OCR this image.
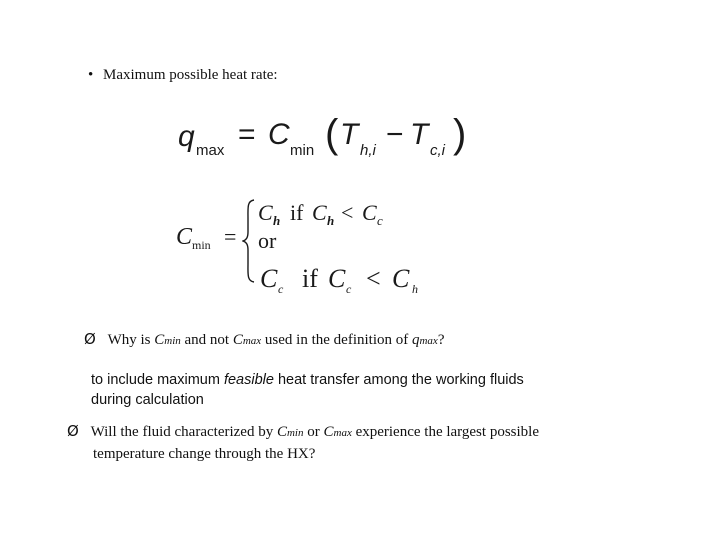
• Maximum possible heat rate:
q max = C min ( T h,i − T c,i )
C min =
C h if C h < C c
or
C c if C c < C h
Ø Why is Cmin and not Cmax used in the definition of qmax?
to include maximum feasible heat transfer among the working fluids
during calculation
Ø Will the fluid characterized by Cmin or Cmax experience the largest possible
temperature change through the HX?
